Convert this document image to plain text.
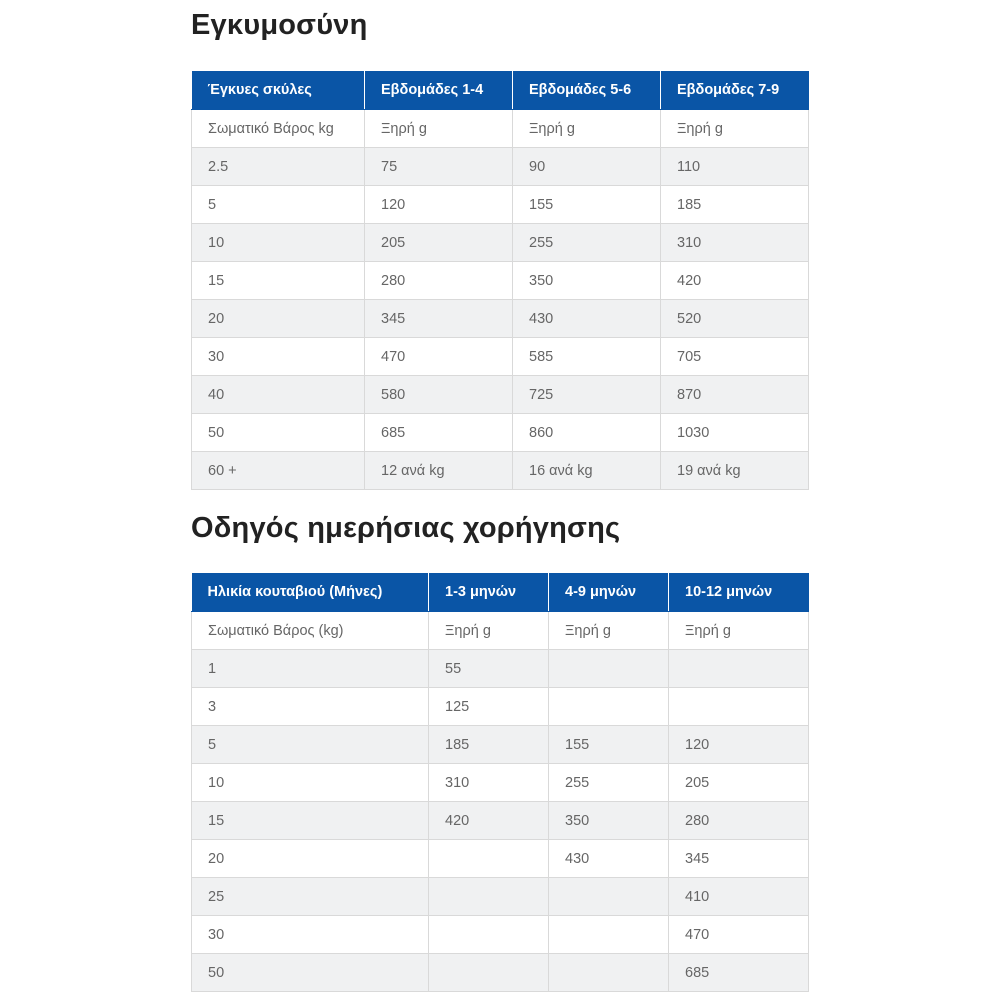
Εγκυμοσύνη
Έγκυες σκύλες	Εβδομάδες 1-4	Εβδομάδες 5-6	Εβδομάδες 7-9
Σωματικό Βάρος kg	Ξηρή g	Ξηρή g	Ξηρή g
2.5	75	90	110
5	120	155	185
10	205	255	310
15	280	350	420
20	345	430	520
30	470	585	705
40	580	725	870
50	685	860	1030
60 +	12 ανά kg	16 ανά kg	19 ανά kg
Οδηγός ημερήσιας χορήγησης
Ηλικία κουταβιού (Μήνες)	1-3 μηνών	4-9 μηνών	10-12 μηνών
Σωματικό Βάρος (kg)	Ξηρή g	Ξηρή g	Ξηρή g
1	55		
3	125		
5	185	155	120
10	310	255	205
15	420	350	280
20		430	345
25			410
30			470
50			685
